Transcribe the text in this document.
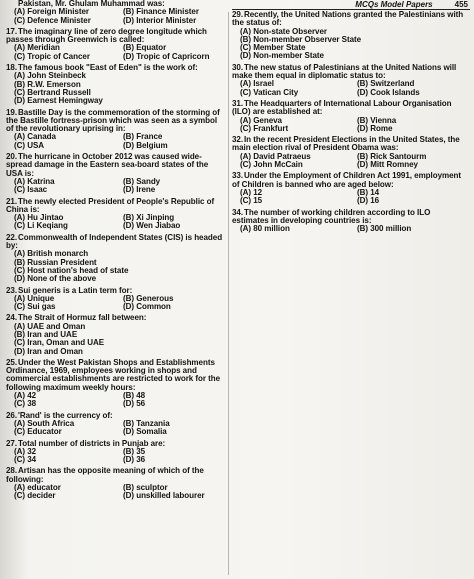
MCQs Model Papers	455
Pakistan, Mr. Ghulam Muhammad was:
(A) Foreign Minister	(B) Finance Minister
(C) Defence Minister	(D) Interior Minister
17.The imaginary line of zero degree longitude which passes through Greenwich is called:
(A) Meridian	(B) Equator
(C) Tropic of Cancer	(D) Tropic of Capricorn
18.The famous book "East of Eden" is the work of:
(A) John Steinbeck
(B) R.W. Emerson
(C) Bertrand Russell
(D) Earnest Hemingway
19.Bastille Day is the commemoration of the storming of the Bastille fortress-prison which was seen as a symbol of the revolutionary uprising in:
(A) Canada	(B) France
(C) USA	(D) Belgium
20.The hurricane in October 2012 was caused wide-spread damage in the Eastern sea-board states of the USA is:
(A) Katrina	(B) Sandy
(C) Isaac	(D) Irene
21.The newly elected President of People's Republic of China is:
(A) Hu Jintao	(B) Xi Jinping
(C) Li Keqiang	(D) Wen Jiabao
22.Commonwealth of Independent States (CIS) is headed by:
(A) British monarch
(B) Russian President
(C) Host nation's head of state
(D) None of the above
23.Sui generis is a Latin term for:
(A) Unique	(B) Generous
(C) Sui gas	(D) Common
24.The Strait of Hormuz fall between:
(A) UAE and Oman
(B) Iran and UAE
(C) Iran, Oman and UAE
(D) Iran and Oman
25.Under the West Pakistan Shops and Establishments Ordinance, 1969, employees working in shops and commercial establishments are restricted to work for the following maximum weekly hours:
(A) 42	(B) 48
(C) 38	(D) 56
26.'Rand' is the currency of:
(A) South Africa	(B) Tanzania
(C) Educator	(D) Somalia
27.Total number of districts in Punjab are:
(A) 32	(B) 35
(C) 34	(D) 36
28.Artisan has the opposite meaning of which of the following:
(A) educator	(B) sculptor
(C) decider	(D) unskilled labourer
29.Recently, the United Nations granted the Palestinians with the status of:
(A) Non-state Observer
(B) Non-member Observer State
(C) Member State
(D) Non-member State
30.The new status of Palestinians at the United Nations will make them equal in diplomatic status to:
(A) Israel	(B) Switzerland
(C) Vatican City	(D) Cook Islands
31.The Headquarters of International Labour Organisation (ILO) are established at:
(A) Geneva	(B) Vienna
(C) Frankfurt	(D) Rome
32.In the recent President Elections in the United States, the main election rival of President Obama was:
(A) David Patraeus	(B) Rick Santourm
(C) John McCain	(D) Mitt Romney
33.Under the Employment of Children Act 1991, employment of Children is banned who are aged below:
(A) 12	(B) 14
(C) 15	(D) 16
34.The number of working children according to ILO estimates in developing countries is:
(A) 80 million	(B) 300 million
